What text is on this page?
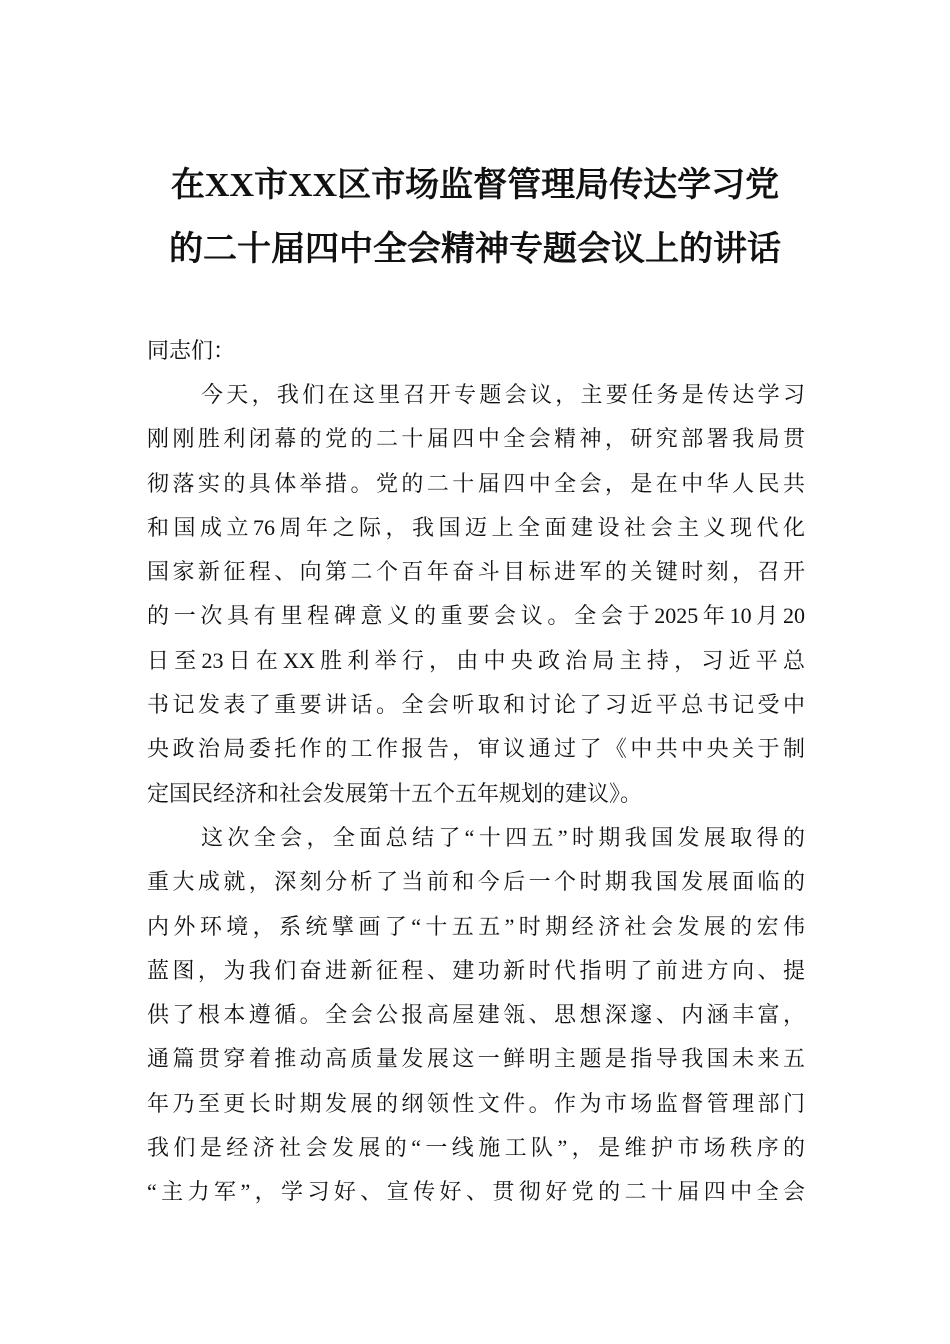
在XX市XX区市场监督管理局传达学习党
的二十届四中全会精神专题会议上的讲话
同志们：
今天，我们在这里召开专题会议，主要任务是传达学习
刚刚胜利闭幕的党的二十届四中全会精神，研究部署我局贯
彻落实的具体举措。党的二十届四中全会，是在中华人民共
和国成立76周年之际，我国迈上全面建设社会主义现代化
国家新征程、向第二个百年奋斗目标进军的关键时刻，召开
的一次具有里程碑意义的重要会议。全会于2025年10月20
日至23日在XX胜利举行，由中央政治局主持，习近平总
书记发表了重要讲话。全会听取和讨论了习近平总书记受中
央政治局委托作的工作报告，审议通过了《中共中央关于制
定国民经济和社会发展第十五个五年规划的建议》。
这次全会，全面总结了“十四五”时期我国发展取得的
重大成就，深刻分析了当前和今后一个时期我国发展面临的
内外环境，系统擘画了“十五五”时期经济社会发展的宏伟
蓝图，为我们奋进新征程、建功新时代指明了前进方向、提
供了根本遵循。全会公报高屋建瓴、思想深邃、内涵丰富，
通篇贯穿着推动高质量发展这一鲜明主题是指导我国未来五
年乃至更长时期发展的纲领性文件。作为市场监督管理部门
我们是经济社会发展的“一线施工队”，是维护市场秩序的
“主力军”，学习好、宣传好、贯彻好党的二十届四中全会
